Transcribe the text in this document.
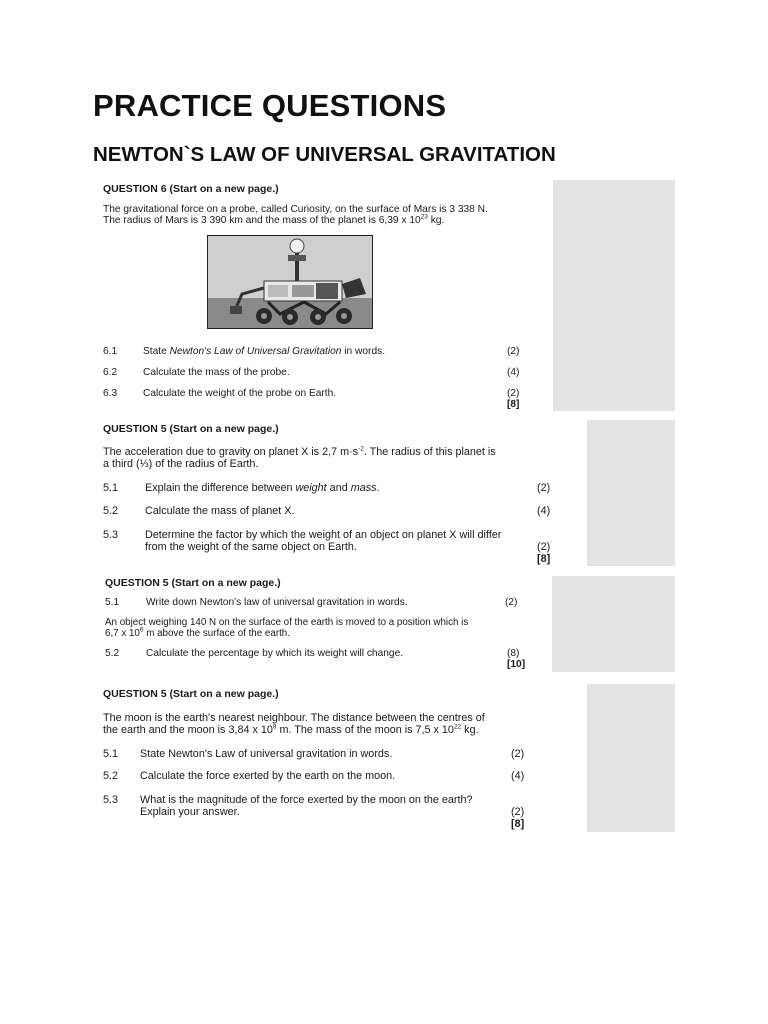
PRACTICE QUESTIONS
NEWTON`S LAW OF UNIVERSAL GRAVITATION
QUESTION 6 (Start on a new page.)
The gravitational force on a probe, called Curiosity, on the surface of Mars is 3 338 N.
The radius of Mars is 3 390 km and the mass of the planet is 6,39 x $10^{23}$ kg.
6.1	State Newton's Law of Universal Gravitation in words.	(2)
6.2	Calculate the mass of the probe.	(4)
6.3	Calculate the weight of the probe on Earth.	(2)
[8]
QUESTION 5 (Start on a new page.)
The acceleration due to gravity on planet X is 2,7 $m\cdot s^{-2}$. The radius of this planet is
a third (⅓) of the radius of Earth.
5.1 Explain the difference between weight and mass.	(2)
5.2 Calculate the mass of planet X.	(4)
5.3 Determine the factor by which the weight of an object on planet X will differ
from the weight of the same object on Earth.	(2)
[8]
QUESTION 5 (Start on a new page.)
5.1	Write down Newton's law of universal gravitation in words.	(2)
An object weighing 140 N on the surface of the earth is moved to a position which is
6,7 x $10^6$ m above the surface of the earth.
5.2	Calculate the percentage by which its weight will change.	(8)
[10]
QUESTION 5 (Start on a new page.)
The moon is the earth's nearest neighbour. The distance between the centres of
the earth and the moon is 3,84 x $10^8$ m. The mass of the moon is 7,5 x $10^{22}$ kg.
5.1 State Newton's Law of universal gravitation in words.	(2)
5.2 Calculate the force exerted by the earth on the moon.	(4)
5.3 What is the magnitude of the force exerted by the moon on the earth?
Explain your answer.	(2)
[8]
